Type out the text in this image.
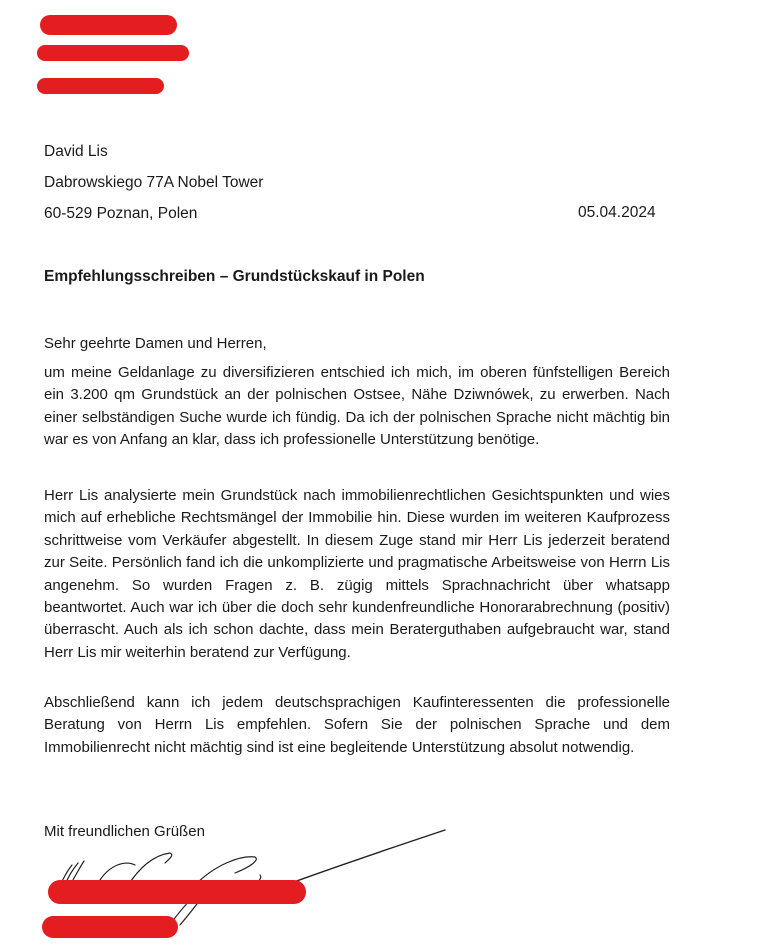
David Lis
Dabrowskiego 77A Nobel Tower
60-529 Poznan, Polen	05.04.2024
Empfehlungsschreiben – Grundstückskauf in Polen
Sehr geehrte Damen und Herren,
um meine Geldanlage zu diversifizieren entschied ich mich, im oberen fünfstelligen Bereich ein 3.200 qm Grundstück an der polnischen Ostsee, Nähe Dziwnówek, zu erwerben. Nach einer selbständigen Suche wurde ich fündig. Da ich der polnischen Sprache nicht mächtig bin war es von Anfang an klar, dass ich professionelle Unterstützung benötige.
Herr Lis analysierte mein Grundstück nach immobilienrechtlichen Gesichtspunkten und wies mich auf erhebliche Rechtsmängel der Immobilie hin. Diese wurden im weiteren Kaufprozess schrittweise vom Verkäufer abgestellt. In diesem Zuge stand mir Herr Lis jederzeit beratend zur Seite. Persönlich fand ich die unkomplizierte und pragmatische Arbeitsweise von Herrn Lis angenehm. So wurden Fragen z. B. zügig mittels Sprachnachricht über whatsapp beantwortet. Auch war ich über die doch sehr kundenfreundliche Honorarabrechnung (positiv) überrascht. Auch als ich schon dachte, dass mein Beraterguthaben aufgebraucht war, stand Herr Lis mir weiterhin beratend zur Verfügung.
Abschließend kann ich jedem deutschsprachigen Kaufinteressenten die professionelle Beratung von Herrn Lis empfehlen. Sofern Sie der polnischen Sprache und dem Immobilienrecht nicht mächtig sind ist eine begleitende Unterstützung absolut notwendig.
Mit freundlichen Grüßen
